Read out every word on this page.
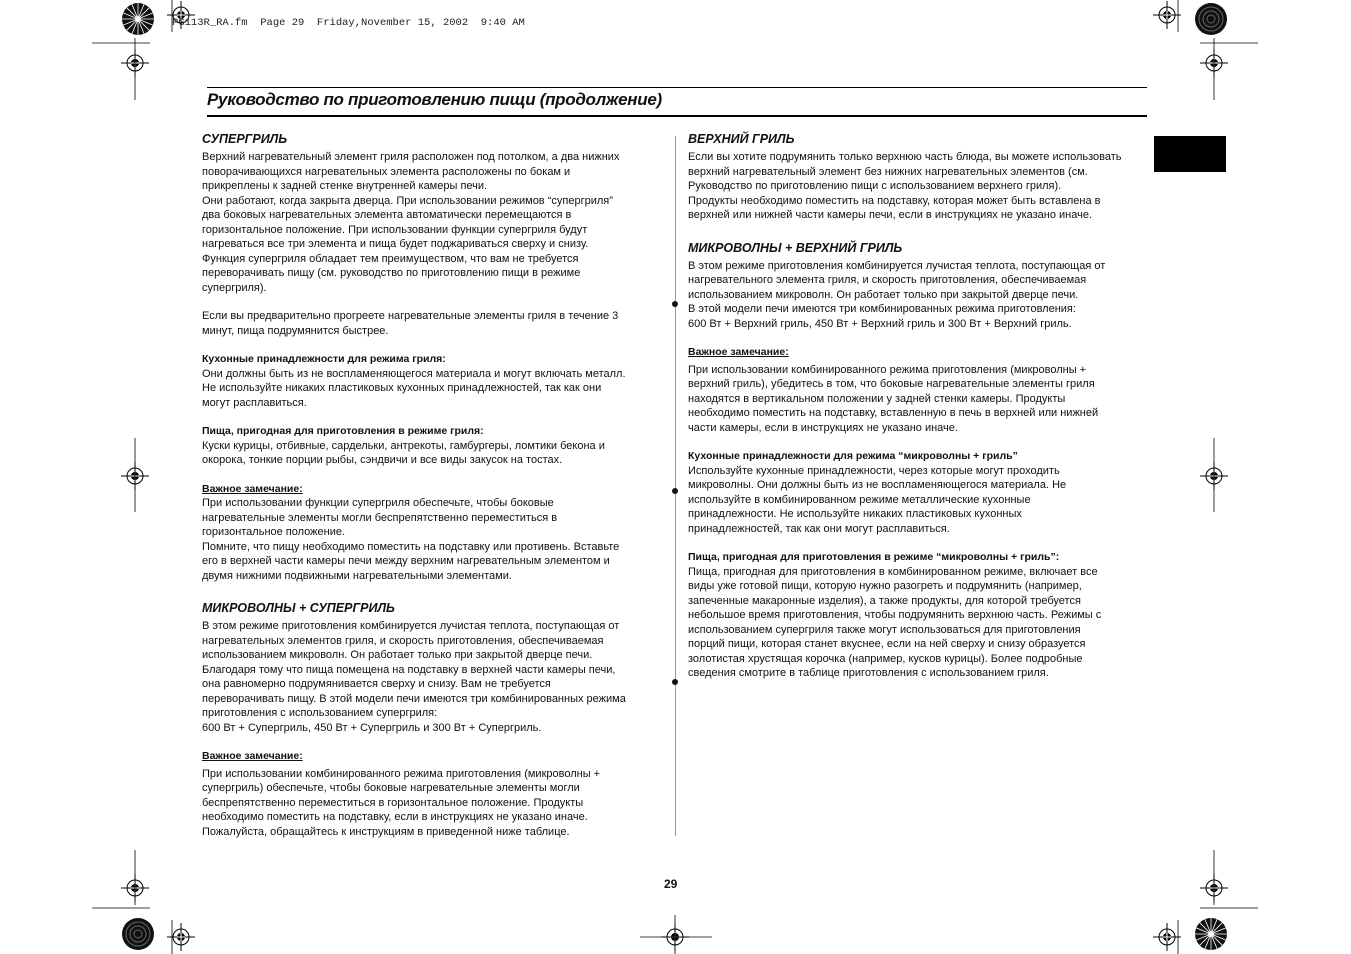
PG113R_RA.fm  Page 29  Friday,November 15, 2002  9:40 AM
Руководство по приготовлению пищи (продолжение)
СУПЕРГРИЛЬ
Верхний нагревательный элемент гриля расположен под потолком, а два нижних
поворачивающихся нагревательных элемента расположены по бокам и
прикреплены к задней стенке внутренней камеры печи.
Они работают, когда закрыта дверца. При использовании режимов “супергриля”
два боковых нагревательных элемента автоматически перемещаются в
горизонтальное положение. При использовании функции супергриля будут
нагреваться все три элемента и пища будет поджариваться сверху и снизу.
Функция супергриля обладает тем преимуществом, что вам не требуется
переворачивать пищу (см. руководство по приготовлению пищи в режиме
супергриля).
Если вы предварительно прогреете нагревательные элементы гриля в течение 3
минут, пища подрумянится быстрее.
Кухонные принадлежности для режима гриля:
Они должны быть из не воспламеняющегося материала и могут включать металл.
Не используйте никаких пластиковых кухонных принадлежностей, так как они
могут расплавиться.
Пища, пригодная для приготовления в режиме гриля:
Куски курицы, отбивные, сардельки, антрекоты, гамбургеры, ломтики бекона и
окорока, тонкие порции рыбы, сэндвичи и все виды закусок на тостах.
Важное замечание:
При использовании функции супергриля обеспечьте, чтобы боковые
нагревательные элементы могли беспрепятственно переместиться в
горизонтальное положение.
Помните, что пищу необходимо поместить на подставку или противень. Вставьте
его в верхней части камеры печи между верхним нагревательным элементом и
двумя нижними подвижными нагревательными элементами.
МИКРОВОЛНЫ + СУПЕРГРИЛЬ
В этом режиме приготовления комбинируется лучистая теплота, поступающая от
нагревательных элементов гриля, и скорость приготовления, обеспечиваемая
использованием микроволн. Он работает только при закрытой дверце печи.
Благодаря тому что пища помещена на подставку в верхней части камеры печи,
она равномерно подрумянивается сверху и снизу. Вам не требуется
переворачивать пищу. В этой модели печи имеются три комбинированных режима
приготовления с использованием супергриля:
600 Вт + Супергриль, 450 Вт + Супергриль и 300 Вт + Супергриль.
Важное замечание:
При использовании комбинированного режима приготовления (микроволны +
супергриль) обеспечьте, чтобы боковые нагревательные элементы могли
беспрепятственно переместиться в горизонтальное положение. Продукты
необходимо поместить на подставку, если в инструкциях не указано иначе.
Пожалуйста, обращайтесь к инструкциям в приведенной ниже таблице.
ВЕРХНИЙ ГРИЛЬ
Если вы хотите подрумянить только верхнюю часть блюда, вы можете использовать
верхний нагревательный элемент без нижних нагревательных элементов (см.
Руководство по приготовлению пищи с использованием верхнего гриля).
Продукты необходимо поместить на подставку, которая может быть вставлена в
верхней или нижней части камеры печи, если в инструкциях не указано иначе.
МИКРОВОЛНЫ + ВЕРХНИЙ ГРИЛЬ
В этом режиме приготовления комбинируется лучистая теплота, поступающая от
нагревательного элемента гриля, и скорость приготовления, обеспечиваемая
использованием микроволн. Он работает только при закрытой дверце печи.
В этой модели печи имеются три комбинированных режима приготовления:
600 Вт + Верхний гриль, 450 Вт + Верхний гриль и 300 Вт + Верхний гриль.
Важное замечание:
При использовании комбинированного режима приготовления (микроволны +
верхний гриль), убедитесь в том, что боковые нагревательные элементы гриля
находятся в вертикальном положении у задней стенки камеры. Продукты
необходимо поместить на подставку, вставленную в печь в верхней или нижней
части камеры, если в инструкциях не указано иначе.
Кухонные принадлежности для режима “микроволны + гриль”
Используйте кухонные принадлежности, через которые могут проходить
микроволны. Они должны быть из не воспламеняющегося материала. Не
используйте в комбинированном режиме металлические кухонные
принадлежности. Не используйте никаких пластиковых кухонных
принадлежностей, так как они могут расплавиться.
Пища, пригодная для приготовления в режиме “микроволны + гриль”:
Пища, пригодная для приготовления в комбинированном режиме, включает все
виды уже готовой пищи, которую нужно разогреть и подрумянить (например,
запеченные макаронные изделия), а также продукты, для которой требуется
небольшое время приготовления, чтобы подрумянить верхнюю часть. Режимы с
использованием супергриля также могут использоваться для приготовления
порций пищи, которая станет вкуснее, если на ней сверху и снизу образуется
золотистая хрустящая корочка (например, кусков курицы). Более подробные
сведения смотрите в таблице приготовления с использованием гриля.
29
